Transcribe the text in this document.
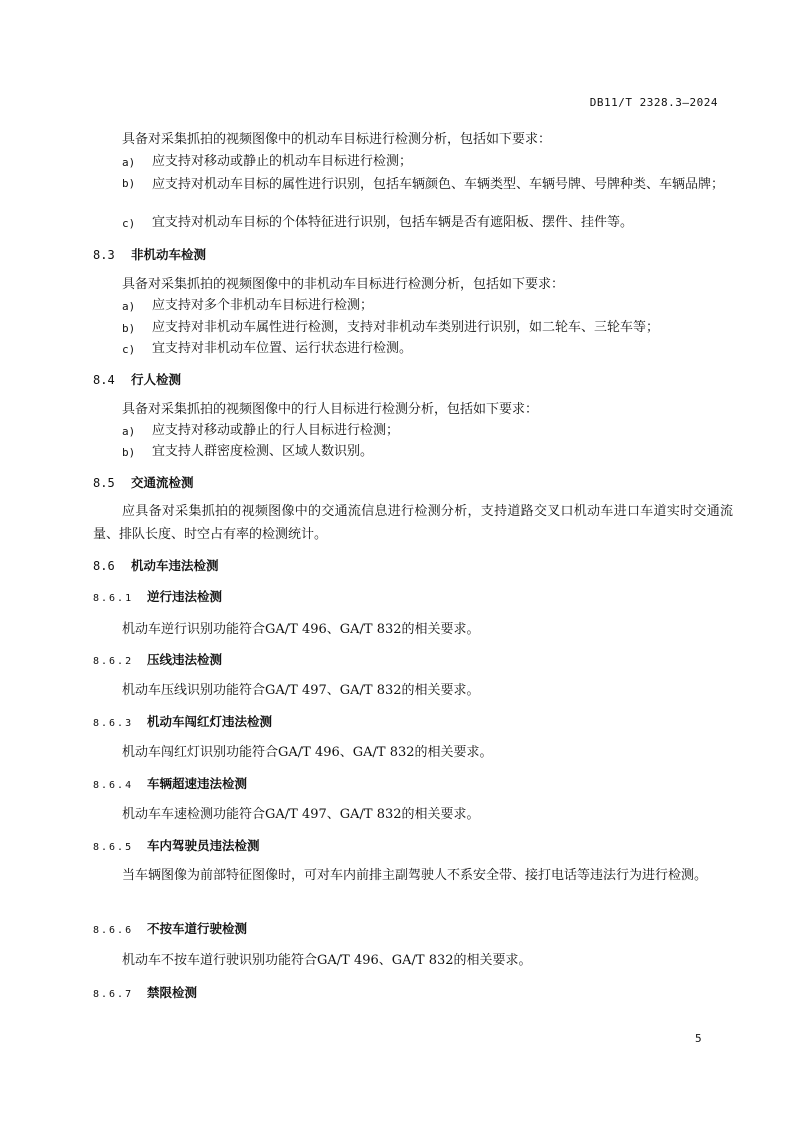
DB11/T 2328.3—2024
具备对采集抓拍的视频图像中的机动车目标进行检测分析，包括如下要求：
a) 应支持对移动或静止的机动车目标进行检测；
b) 应支持对机动车目标的属性进行识别，包括车辆颜色、车辆类型、车辆号牌、号牌种类、车辆品牌；
c) 宜支持对机动车目标的个体特征进行识别，包括车辆是否有遮阳板、摆件、挂件等。
8.3 非机动车检测
具备对采集抓拍的视频图像中的非机动车目标进行检测分析，包括如下要求：
a) 应支持对多个非机动车目标进行检测；
b) 应支持对非机动车属性进行检测，支持对非机动车类别进行识别，如二轮车、三轮车等；
c) 宜支持对非机动车位置、运行状态进行检测。
8.4 行人检测
具备对采集抓拍的视频图像中的行人目标进行检测分析，包括如下要求：
a) 应支持对移动或静止的行人目标进行检测；
b) 宜支持人群密度检测、区域人数识别。
8.5 交通流检测
应具备对采集抓拍的视频图像中的交通流信息进行检测分析，支持道路交叉口机动车进口车道实时交通流量、排队长度、时空占有率的检测统计。
8.6 机动车违法检测
8.6.1 逆行违法检测
机动车逆行识别功能符合GA/T 496、GA/T 832的相关要求。
8.6.2 压线违法检测
机动车压线识别功能符合GA/T 497、GA/T 832的相关要求。
8.6.3 机动车闯红灯违法检测
机动车闯红灯识别功能符合GA/T 496、GA/T 832的相关要求。
8.6.4 车辆超速违法检测
机动车车速检测功能符合GA/T 497、GA/T 832的相关要求。
8.6.5 车内驾驶员违法检测
当车辆图像为前部特征图像时，可对车内前排主副驾驶人不系安全带、接打电话等违法行为进行检测。
8.6.6 不按车道行驶检测
机动车不按车道行驶识别功能符合GA/T 496、GA/T 832的相关要求。
8.6.7 禁限检测
5
